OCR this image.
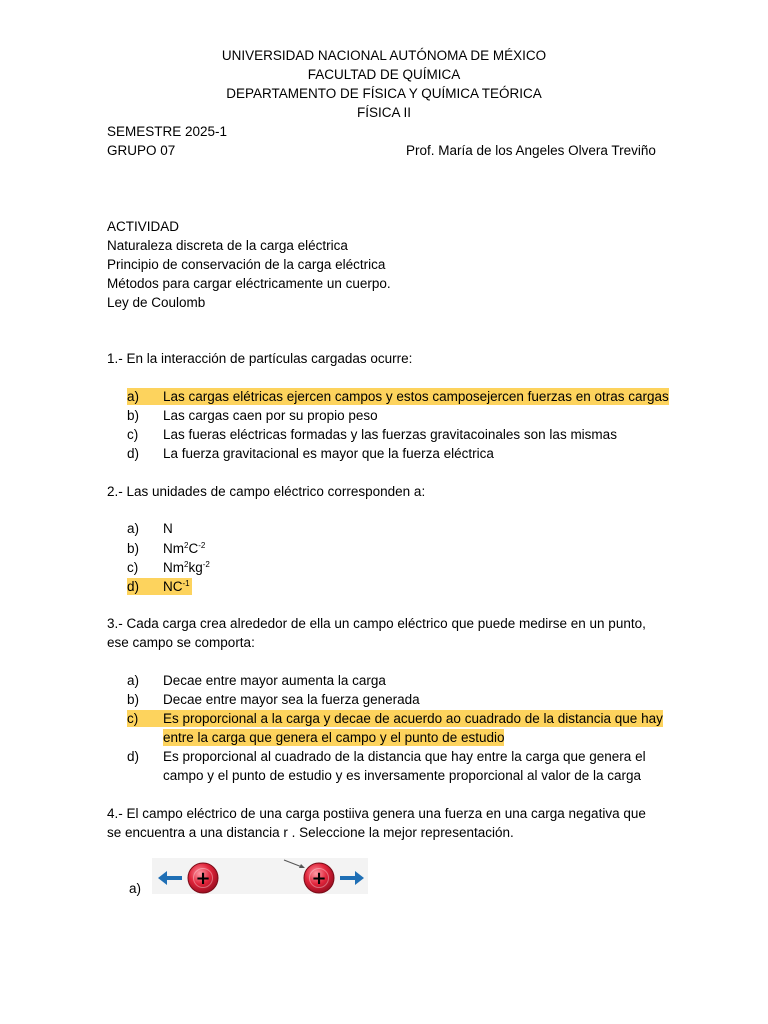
UNIVERSIDAD NACIONAL AUTÓNOMA DE MÉXICO
FACULTAD DE QUÍMICA
DEPARTAMENTO DE FÍSICA Y QUÍMICA TEÓRICA
FÍSICA II
SEMESTRE 2025-1
GRUPO 07	Prof. María de los Angeles Olvera Treviño
ACTIVIDAD
Naturaleza discreta de la carga eléctrica
Principio de conservación de la carga eléctrica
Métodos para cargar eléctricamente un cuerpo.
Ley de Coulomb
1.- En la interacción de partículas cargadas ocurre:
a) Las cargas elétricas ejercen campos y estos camposejercen fuerzas en otras cargas
b) Las cargas caen por su propio peso
c) Las fueras eléctricas formadas y las fuerzas gravitacoinales son las mismas
d) La fuerza gravitacional es mayor que la fuerza eléctrica
2.- Las unidades de campo eléctrico corresponden a:
a) N
b) $Nm^2C^{-2}$
c) $Nm^2kg^{-2}$
d) $NC^{-1}$
3.- Cada carga crea alrededor de ella un campo eléctrico que puede medirse en un punto,
ese campo se comporta:
a) Decae entre mayor aumenta la carga
b) Decae entre mayor sea la fuerza generada
c) Es proporcional a la carga y decae de acuerdo ao cuadrado de la distancia que hay
entre la carga que genera el campo y el punto de estudio
d) Es proporcional al cuadrado de la distancia que hay entre la carga que genera el
campo y el punto de estudio y es inversamente proporcional al valor de la carga
4.- El campo eléctrico de una carga postiiva genera una fuerza en una carga negativa que
se encuentra a una distancia r . Seleccione la mejor representación.
a)	+	+
